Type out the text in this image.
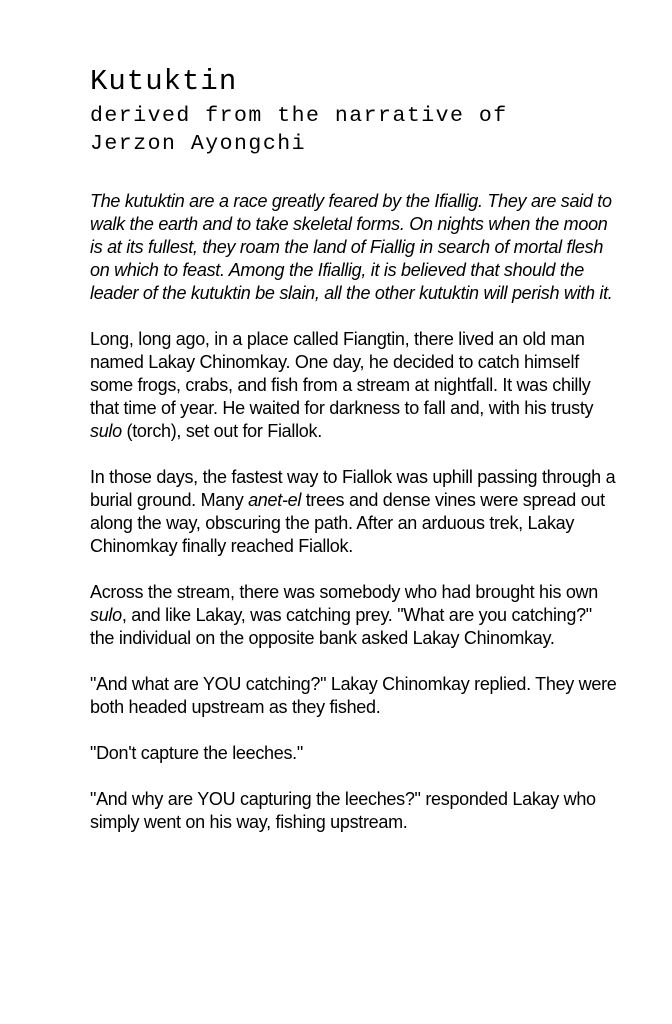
Kutuktin
derived from the narrative of
Jerzon Ayongchi

The kutuktin are a race greatly feared by the Ifiallig. They are said to walk the earth and to take skeletal forms. On nights when the moon is at its fullest, they roam the land of Fiallig in search of mortal flesh on which to feast. Among the Ifiallig, it is believed that should the leader of the kutuktin be slain, all the other kutuktin will perish with it.

Long, long ago, in a place called Fiangtin, there lived an old man named Lakay Chinomkay. One day, he decided to catch himself some frogs, crabs, and fish from a stream at nightfall. It was chilly that time of year. He waited for darkness to fall and, with his trusty sulo (torch), set out for Fiallok.

In those days, the fastest way to Fiallok was uphill passing through a burial ground. Many anet-el trees and dense vines were spread out along the way, obscuring the path. After an arduous trek, Lakay Chinomkay finally reached Fiallok.

Across the stream, there was somebody who had brought his own sulo, and like Lakay, was catching prey. "What are you catching?" the individual on the opposite bank asked Lakay Chinomkay.

"And what are YOU catching?" Lakay Chinomkay replied. They were both headed upstream as they fished.

"Don't capture the leeches."

"And why are YOU capturing the leeches?" responded Lakay who simply went on his way, fishing upstream.
